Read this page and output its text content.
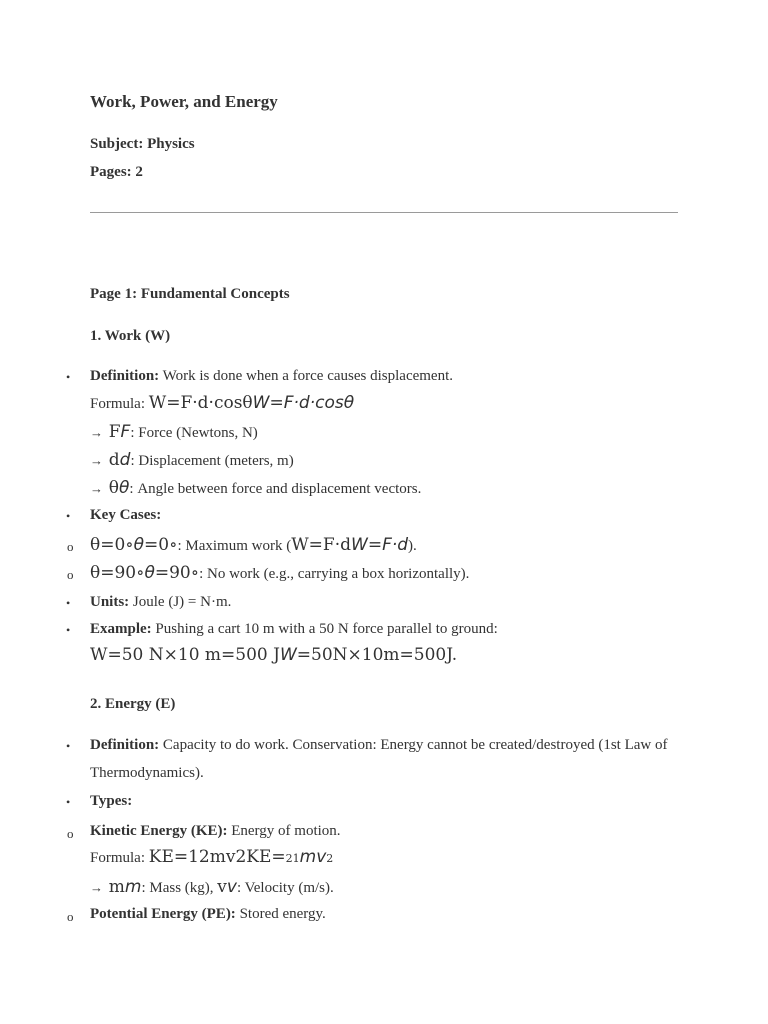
Work, Power, and Energy
Subject: Physics
Pages: 2
Page 1: Fundamental Concepts
1. Work (W)
• Definition: Work is done when a force causes displacement.
Formula: W=F·d·cosθW=F·d·cosθ
→ FF: Force (Newtons, N)
→ dd: Displacement (meters, m)
→ θθ: Angle between force and displacement vectors.
• Key Cases:
o θ=0∘θ=0∘: Maximum work (W=F·dW=F·d).
o θ=90∘θ=90∘: No work (e.g., carrying a box horizontally).
• Units: Joule (J) = N·m.
• Example: Pushing a cart 10 m with a 50 N force parallel to ground:
W=50 N×10 m=500 JW=50N×10m=500J.
2. Energy (E)
• Definition: Capacity to do work. Conservation: Energy cannot be created/destroyed (1st Law of
Thermodynamics).
• Types:
o Kinetic Energy (KE): Energy of motion.
Formula: KE=12mv2KE=21mv2
→ mm: Mass (kg), vv: Velocity (m/s).
o Potential Energy (PE): Stored energy.
